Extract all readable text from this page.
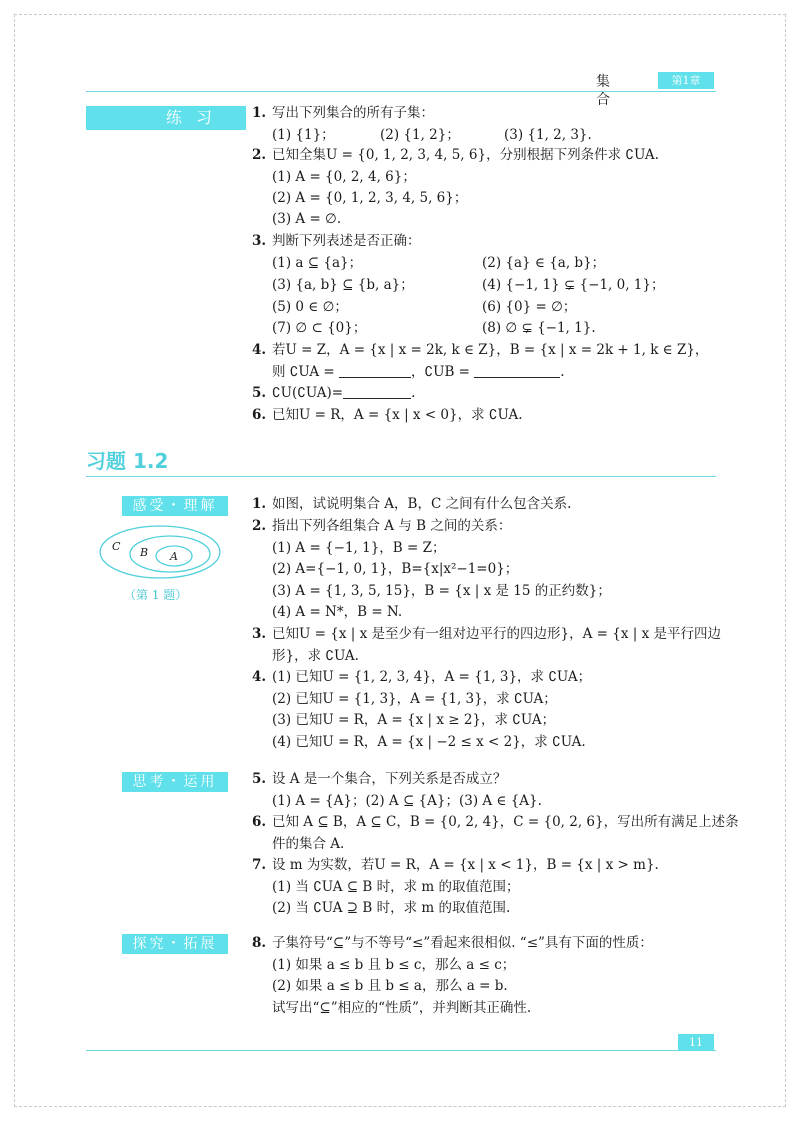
集合
第1章
练习	1. 写出下列集合的所有子集：
(1) {1}；	(2) {1, 2}；	(3) {1, 2, 3}.
2. 已知全集U = {0, 1, 2, 3, 4, 5, 6}，分别根据下列条件求 ∁UA.
(1) A = {0, 2, 4, 6}；
(2) A = {0, 1, 2, 3, 4, 5, 6}；
(3) A = ∅.
3. 判断下列表述是否正确：
(1) a ⊆ {a}；	(2) {a} ∈ {a, b}；
(3) {a, b} ⊆ {b, a}；	(4) {−1, 1} ⊊ {−1, 0, 1}；
(5) 0 ∈ ∅；	(6) {0} = ∅；
(7) ∅ ⊂ {0}；	(8) ∅ ⊊ {−1, 1}.
4. 若U = Z，A = {x | x = 2k, k ∈ Z}，B = {x | x = 2k + 1, k ∈ Z}，
则 ∁UA =	，∁UB =	.
5. ∁U(∁UA)=	.
6. 已知U = R，A = {x | x < 0}，求 ∁UA.
习题 1.2
感受・理解
思考・运用
探究・拓展
C B A
（第 1 题）
1. 如图，试说明集合 A，B，C 之间有什么包含关系.
2. 指出下列各组集合 A 与 B 之间的关系：
(1) A = {−1, 1}，B = Z；
(2) A={−1, 0, 1}，B={x|x²−1=0}；
(3) A = {1, 3, 5, 15}，B = {x | x 是 15 的正约数}；
(4) A = N*，B = N.
3. 已知U = {x | x 是至少有一组对边平行的四边形}，A = {x | x 是平行四边
形}，求 ∁UA.
4. (1) 已知U = {1, 2, 3, 4}，A = {1, 3}，求 ∁UA；
(2) 已知U = {1, 3}，A = {1, 3}，求 ∁UA；
(3) 已知U = R，A = {x | x ≥ 2}，求 ∁UA；
(4) 已知U = R，A = {x | −2 ≤ x < 2}，求 ∁UA.
5. 设 A 是一个集合，下列关系是否成立？
(1) A = {A}；(2) A ⊆ {A}；(3) A ∈ {A}.
6. 已知 A ⊆ B，A ⊆ C，B = {0, 2, 4}，C = {0, 2, 6}，写出所有满足上述条
件的集合 A.
7. 设 m 为实数，若U = R，A = {x | x < 1}，B = {x | x > m}.
(1) 当 ∁UA ⊆ B 时，求 m 的取值范围；
(2) 当 ∁UA ⊇ B 时，求 m 的取值范围.
8. 子集符号“⊆”与不等号“≤”看起来很相似. “≤”具有下面的性质：
(1) 如果 a ≤ b 且 b ≤ c，那么 a ≤ c；
(2) 如果 a ≤ b 且 b ≤ a，那么 a = b.
试写出“⊆”相应的“性质”，并判断其正确性.
11
